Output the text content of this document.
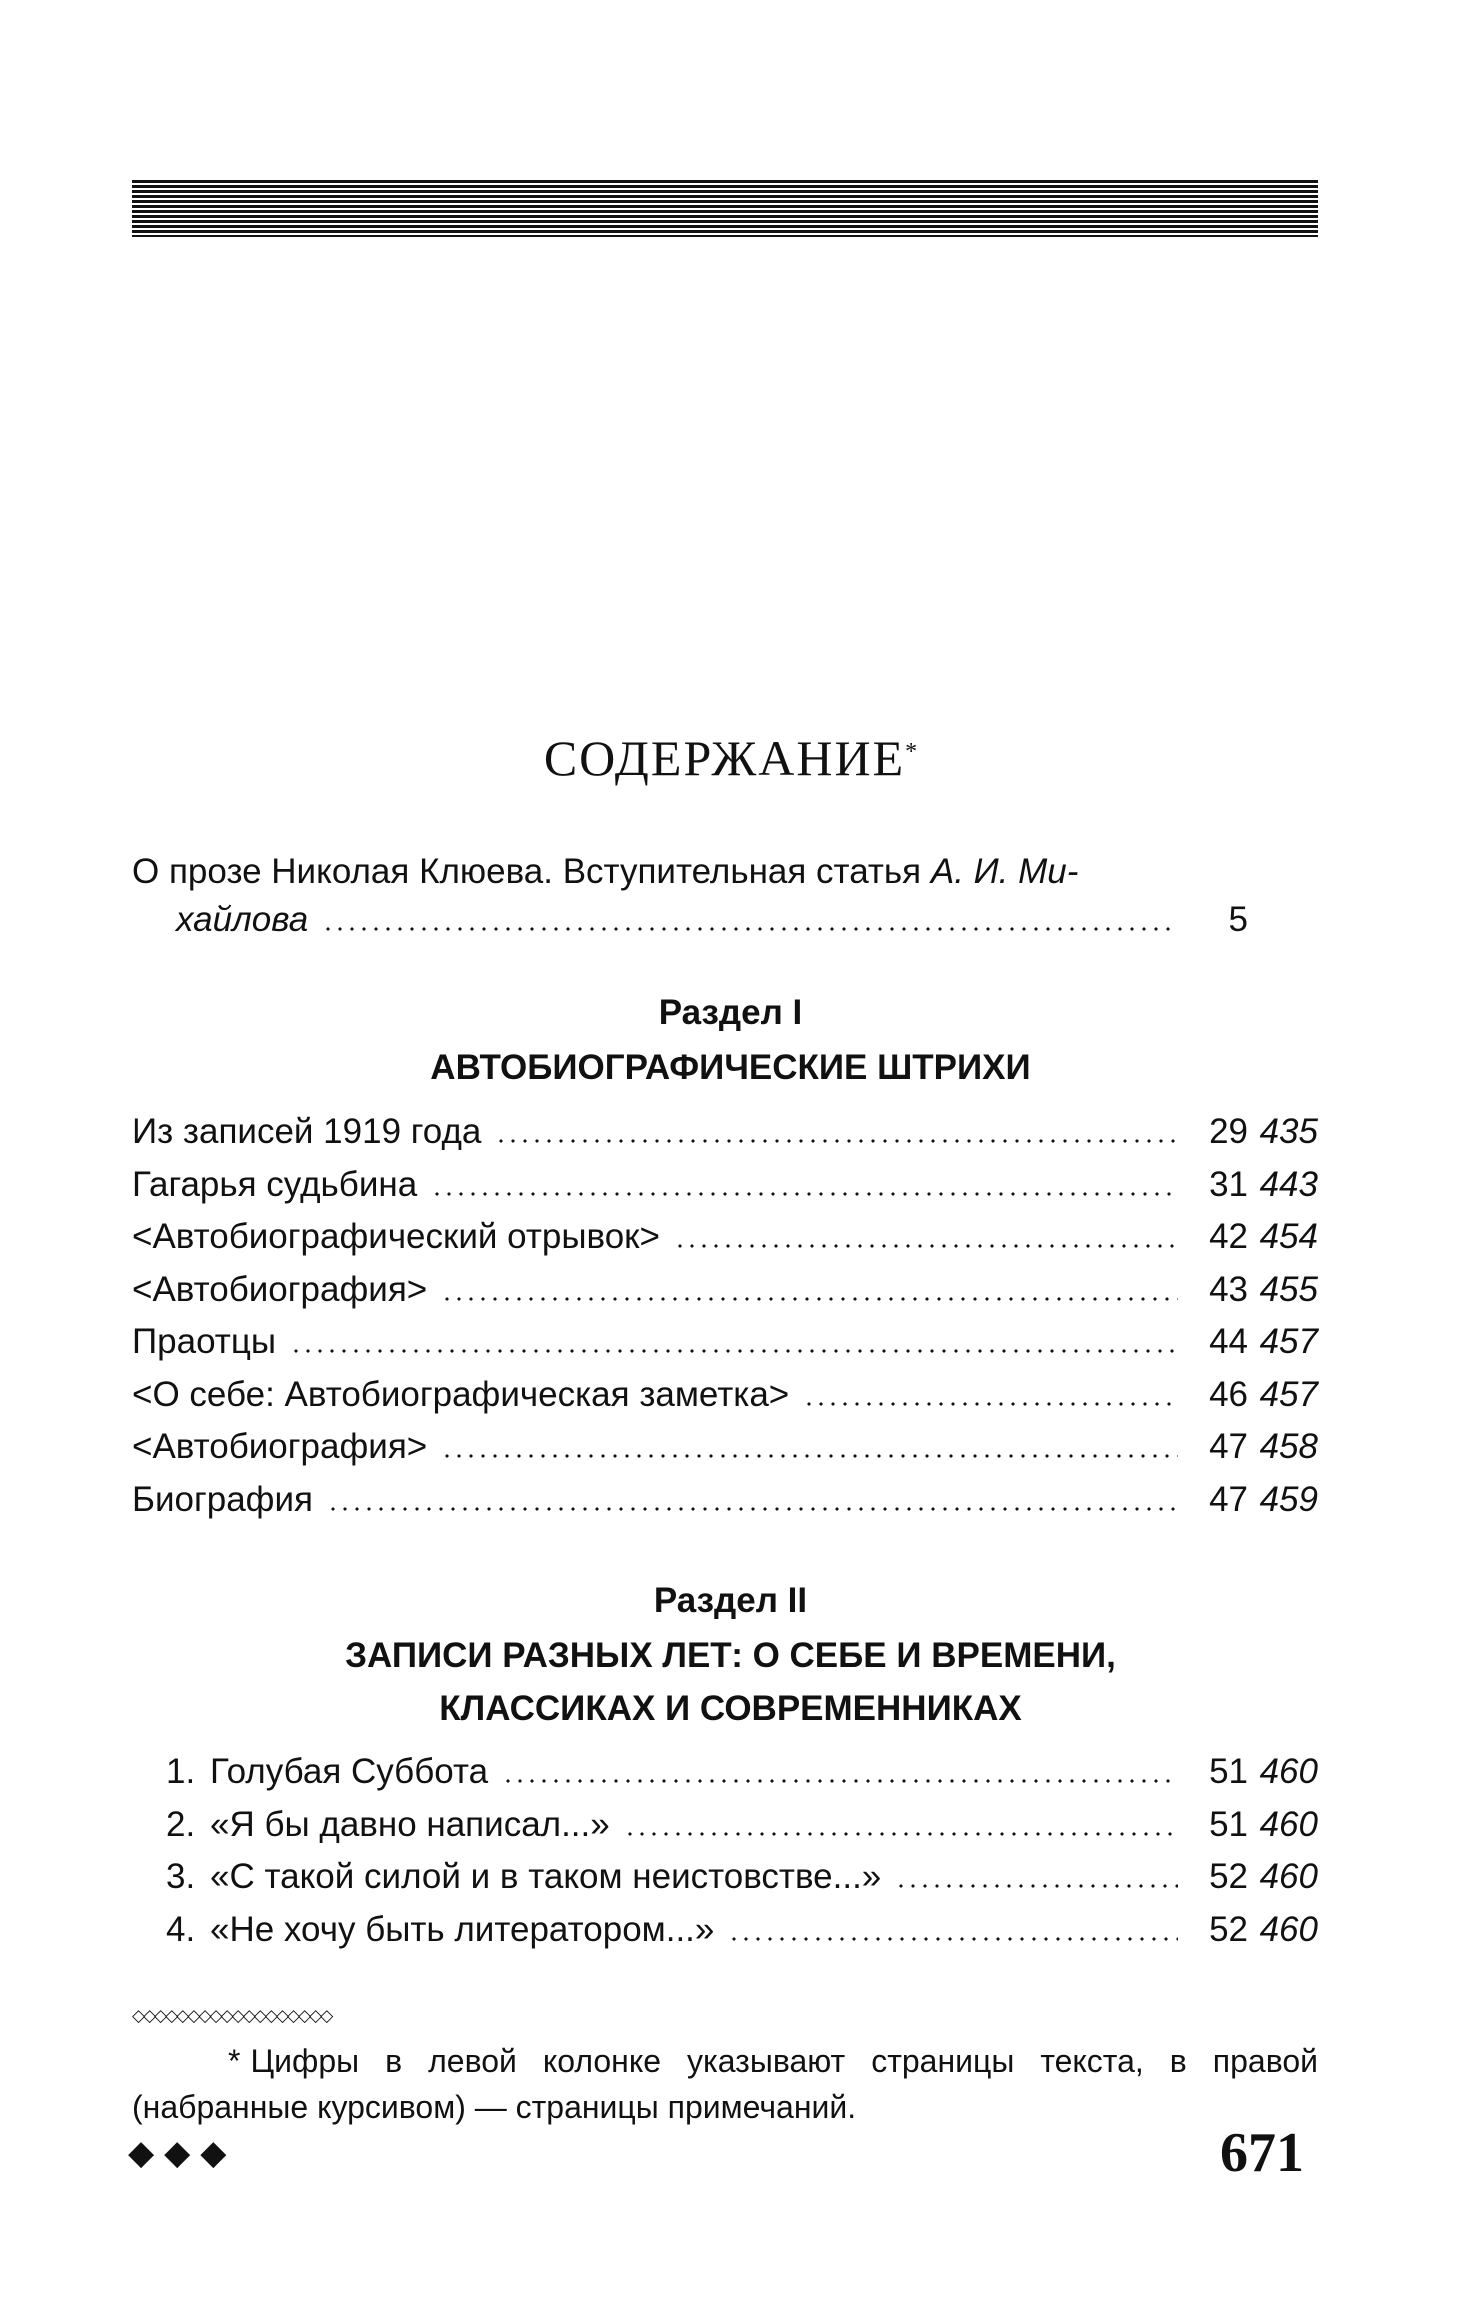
СОДЕРЖАНИЕ*
О прозе Николая Клюева. Вступительная статья А. И. Ми-
хайлова	5
Раздел I
АВТОБИОГРАФИЧЕСКИЕ ШТРИХИ
Из записей 1919 года	29 435
Гагарья судьбина	31 443
<Автобиографический отрывок>	42 454
<Автобиография>	43 455
Праотцы	44 457
<О себе: Автобиографическая заметка>	46 457
<Автобиография>	47 458
Биография	47 459
Раздел II
ЗАПИСИ РАЗНЫХ ЛЕТ: О СЕБЕ И ВРЕМЕНИ,
КЛАССИКАХ И СОВРЕМЕННИКАХ
1. Голубая Суббота	51 460
2. «Я бы давно написал...»	51 460
3. «С такой силой и в таком неистовстве...»	52 460
4. «Не хочу быть литератором...»	52 460
◇◇◇◇◇◇◇◇◇◇◇◇◇◇◇◇◇◇
* Цифры в левой колонке указывают страницы текста, в правой (набранные курсивом) — страницы примечаний.
◆◆◆	671
